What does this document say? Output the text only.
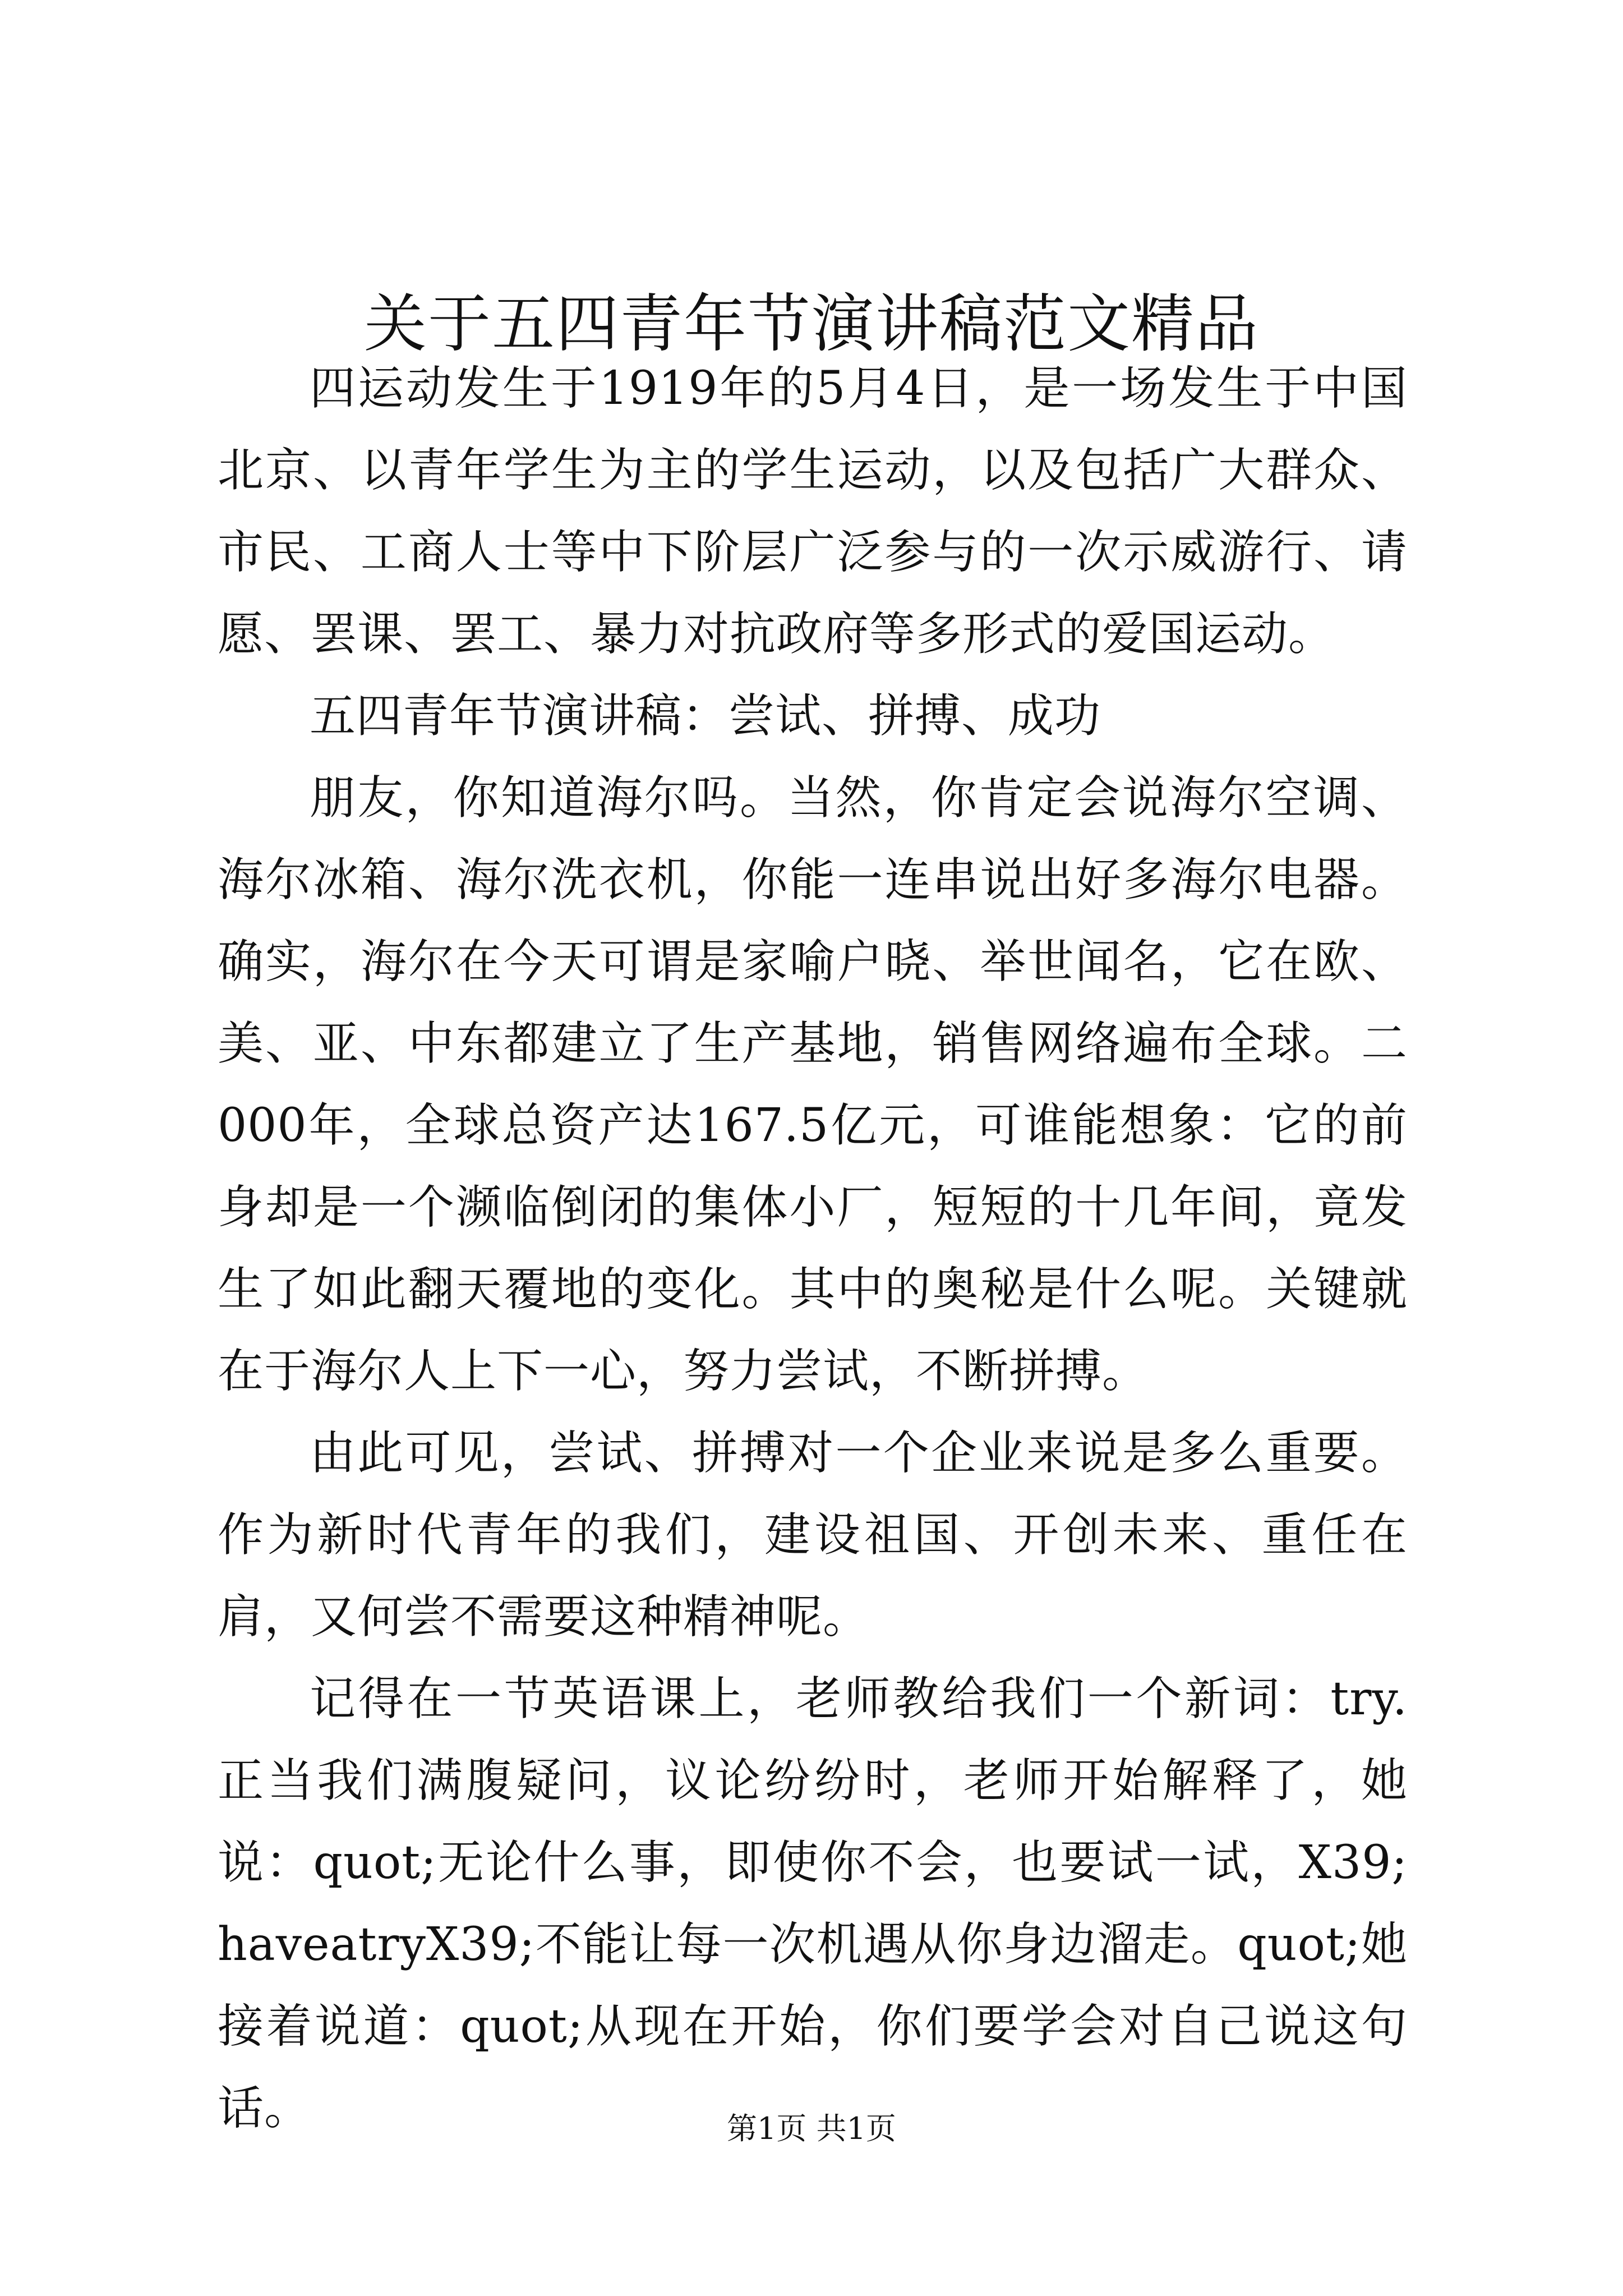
关于五四青年节演讲稿范文精品

四运动发生于1919年的5月4日，是一场发生于中国北京、以青年学生为主的学生运动，以及包括广大群众、市民、工商人士等中下阶层广泛参与的一次示威游行、请愿、罢课、罢工、暴力对抗政府等多形式的爱国运动。

五四青年节演讲稿：尝试、拼搏、成功

朋友，你知道海尔吗。当然，你肯定会说海尔空调、海尔冰箱、海尔洗衣机，你能一连串说出好多海尔电器。确实，海尔在今天可谓是家喻户晓、举世闻名，它在欧、美、亚、中东都建立了生产基地，销售网络遍布全球。二000年，全球总资产达167.5亿元，可谁能想象：它的前身却是一个濒临倒闭的集体小厂，短短的十几年间，竟发生了如此翻天覆地的变化。其中的奥秘是什么呢。关键就在于海尔人上下一心，努力尝试，不断拼搏。

由此可见，尝试、拼搏对一个企业来说是多么重要。作为新时代青年的我们，建设祖国、开创未来、重任在肩，又何尝不需要这种精神呢。

记得在一节英语课上，老师教给我们一个新词：try.正当我们满腹疑问，议论纷纷时，老师开始解释了，她说：quot;无论什么事，即使你不会，也要试一试，X39;haveatryX39;不能让每一次机遇从你身边溜走。quot;她接着说道：quot;从现在开始，你们要学会对自己说这句话。	第1页 共1页
